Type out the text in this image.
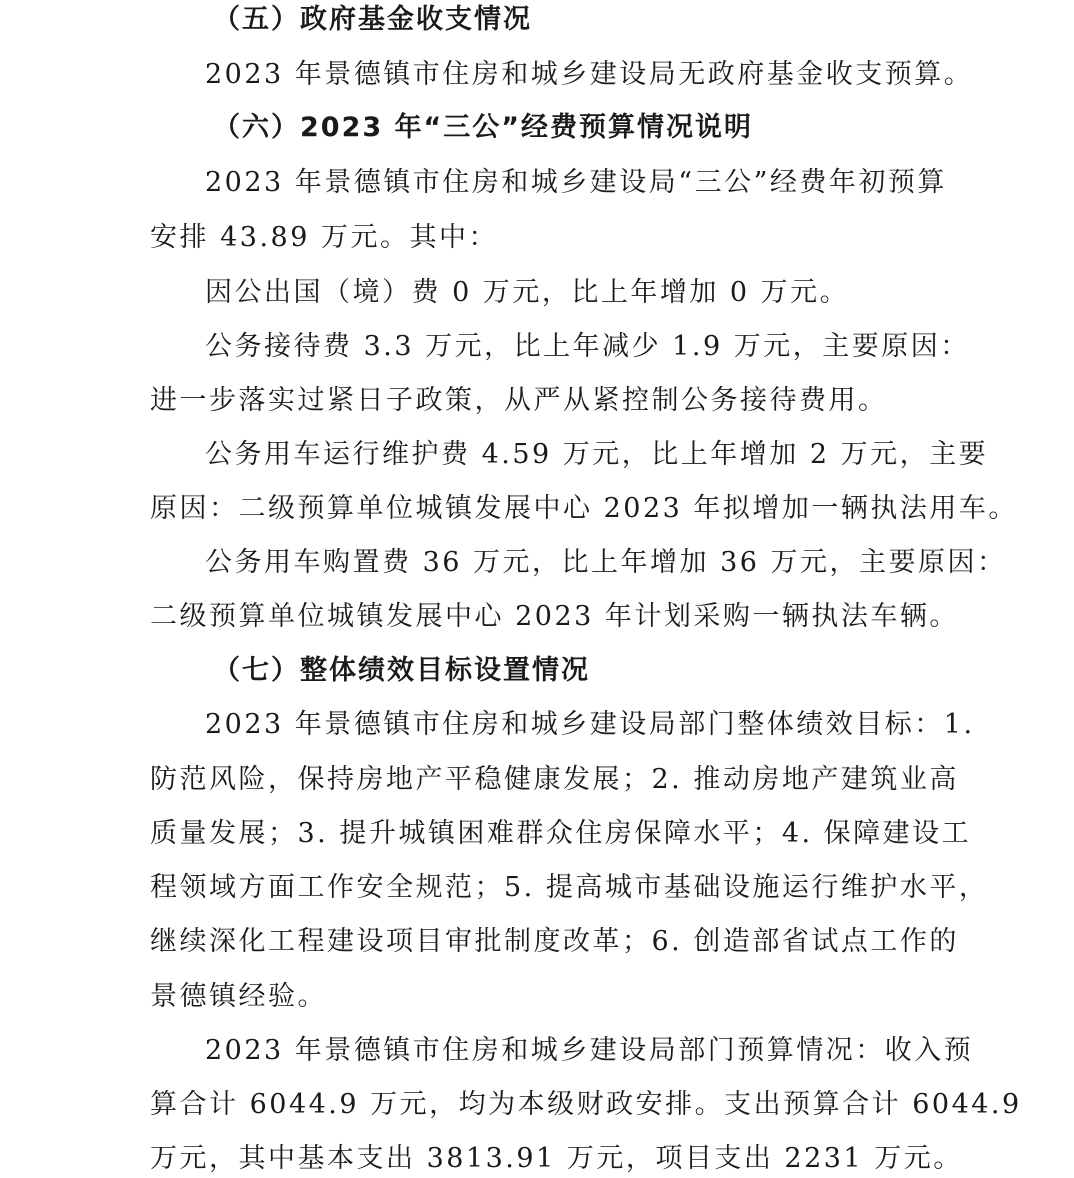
（五）政府基金收支情况
2023 年景德镇市住房和城乡建设局无政府基金收支预算。
（六）2023 年“三公”经费预算情况说明
2023 年景德镇市住房和城乡建设局“三公”经费年初预算
安排 43.89 万元。其中：
因公出国（境）费 0 万元，比上年增加 0 万元。
公务接待费 3.3 万元，比上年减少 1.9 万元，主要原因：
进一步落实过紧日子政策，从严从紧控制公务接待费用。
公务用车运行维护费 4.59 万元，比上年增加 2 万元，主要
原因：二级预算单位城镇发展中心 2023 年拟增加一辆执法用车。
公务用车购置费 36 万元，比上年增加 36 万元，主要原因：
二级预算单位城镇发展中心 2023 年计划采购一辆执法车辆。
（七）整体绩效目标设置情况
2023 年景德镇市住房和城乡建设局部门整体绩效目标：1.
防范风险，保持房地产平稳健康发展；2. 推动房地产建筑业高
质量发展；3. 提升城镇困难群众住房保障水平；4. 保障建设工
程领域方面工作安全规范；5. 提高城市基础设施运行维护水平，
继续深化工程建设项目审批制度改革；6. 创造部省试点工作的
景德镇经验。
2023 年景德镇市住房和城乡建设局部门预算情况：收入预
算合计 6044.9 万元，均为本级财政安排。支出预算合计 6044.9
万元，其中基本支出 3813.91 万元，项目支出 2231 万元。
